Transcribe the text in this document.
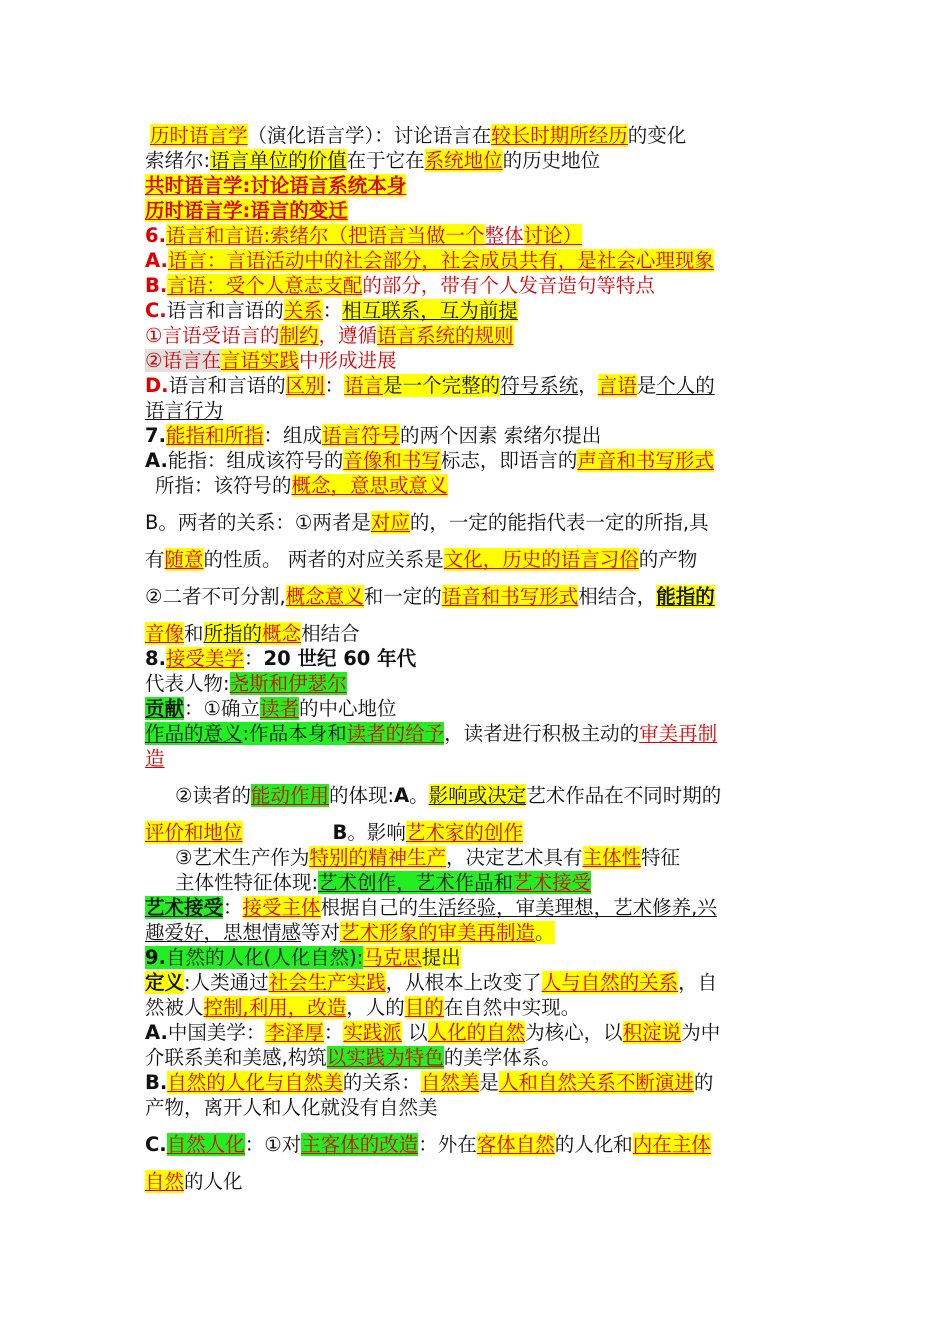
历时语言学（演化语言学）：讨论语言在较长时期所经历的变化
索绪尔:语言单位的价值在于它在系统地位的历史地位
共时语言学:讨论语言系统本身
历时语言学:语言的变迁
6.语言和言语:索绪尔（把语言当做一个整体讨论）
A.语言：言语活动中的社会部分，社会成员共有，是社会心理现象
B.言语：受个人意志支配的部分，带有个人发音造句等特点
C.语言和言语的关系：相互联系，互为前提
①言语受语言的制约，遵循语言系统的规则
②语言在言语实践中形成进展
D.语言和言语的区别：语言是一个完整的符号系统，言语是个人的
语言行为
7.能指和所指：组成语言符号的两个因素 索绪尔提出
A.能指：组成该符号的音像和书写标志，即语言的声音和书写形式
所指：该符号的概念，意思或意义
B。两者的关系：①两者是对应的，一定的能指代表一定的所指,具
有随意的性质。 两者的对应关系是文化，历史的语言习俗的产物
②二者不可分割,概念意义和一定的语音和书写形式相结合，能指的
音像和所指的概念相结合
8.接受美学：20 世纪 60 年代
代表人物:尧斯和伊瑟尔
贡献：①确立读者的中心地位
作品的意义:作品本身和读者的给予，读者进行积极主动的审美再制
造
②读者的能动作用的体现:A。影响或决定艺术作品在不同时期的
评价和地位	B。影响艺术家的创作
③艺术生产作为特别的精神生产，决定艺术具有主体性特征
主体性特征体现:艺术创作，艺术作品和艺术接受
艺术接受：接受主体根据自己的生活经验，审美理想，艺术修养,兴
趣爱好，思想情感等对艺术形象的审美再制造。
9.自然的人化(人化自然):马克思提出
定义:人类通过社会生产实践，从根本上改变了人与自然的关系，自
然被人控制,利用，改造，人的目的在自然中实现。
A.中国美学：李泽厚：实践派 以人化的自然为核心，以积淀说为中
介联系美和美感,构筑以实践为特色的美学体系。
B.自然的人化与自然美的关系：自然美是人和自然关系不断演进的
产物，离开人和人化就没有自然美
C.自然人化：①对主客体的改造：外在客体自然的人化和内在主体
自然的人化
